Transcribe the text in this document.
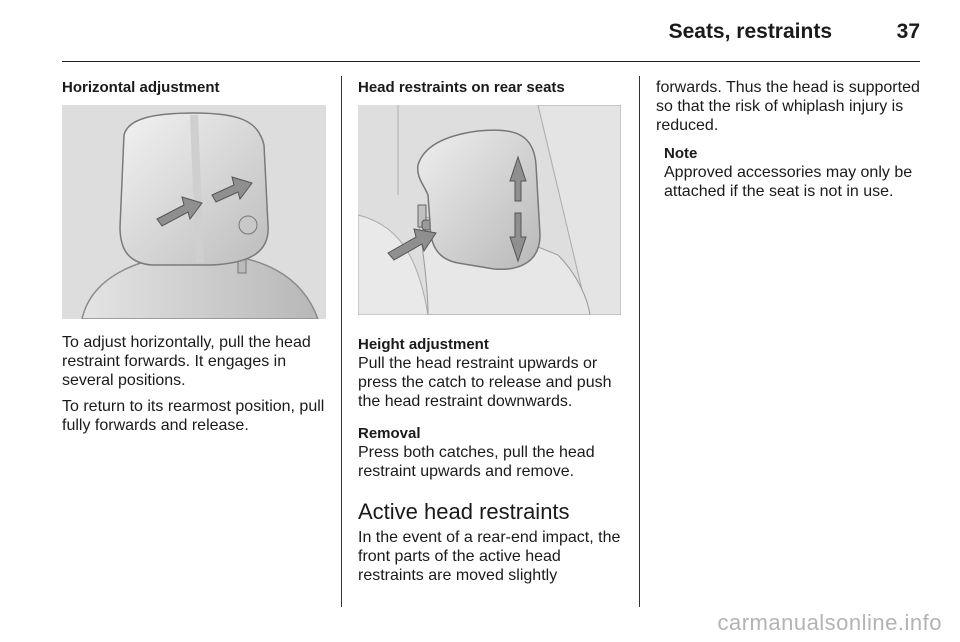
Seats, restraints	37
Horizontal adjustment

To adjust horizontally, pull the head restraint forwards. It engages in several positions.

To return to its rearmost position, pull fully forwards and release.

Head restraints on rear seats
Height adjustment

Pull the head restraint upwards or press the catch to release and push the head restraint downwards.

Removal

Press both catches, pull the head restraint upwards and remove.

Active head restraints

In the event of a rear-end impact, the front parts of the active head restraints are moved slightly

forwards. Thus the head is supported so that the risk of whiplash injury is reduced.

Note

Approved accessories may only be attached if the seat is not in use.

carmanualsonline.info
